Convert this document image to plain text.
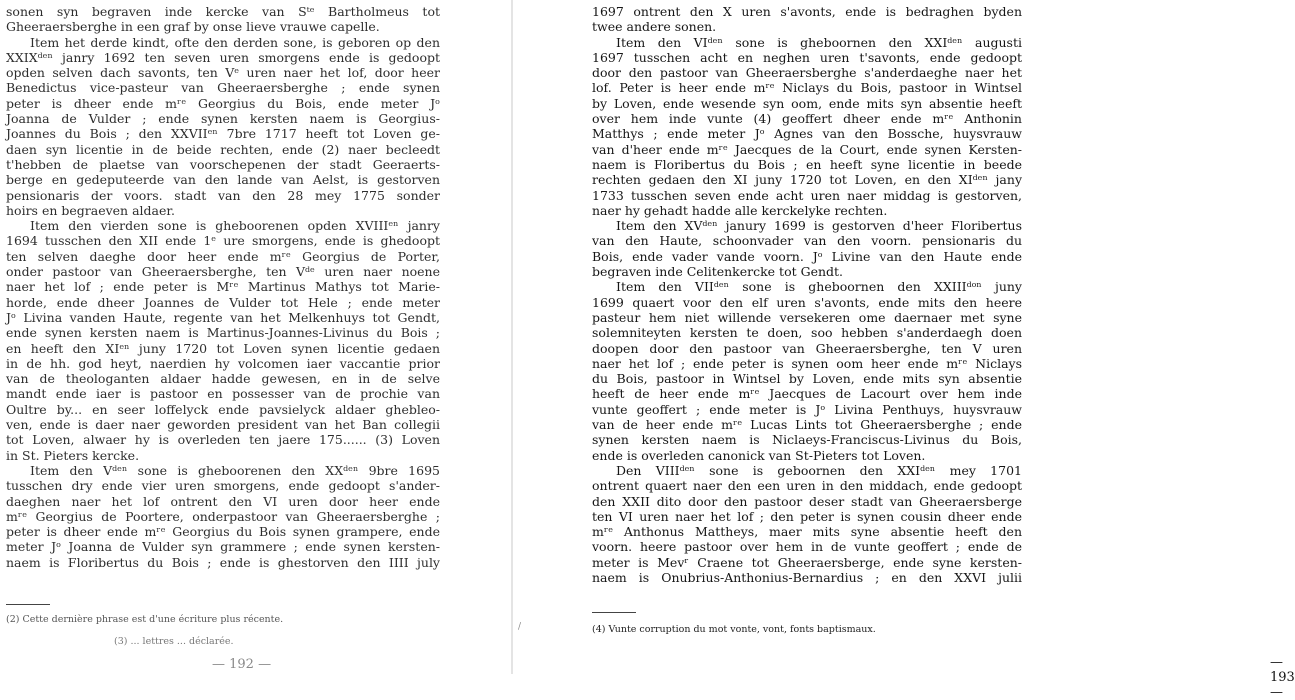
sonen syn begraven inde kercke van Sᵗᵉ Bartholmeus tot
Gheeraersberghe in een graf by onse lieve vrauwe capelle.
Item het derde kindt, ofte den derden sone, is geboren op den
XXIXᵈᵉⁿ janry 1692 ten seven uren smorgens ende is gedoopt
opden selven dach savonts, ten Vᵉ uren naer het lof, door heer
Benedictus vice-pasteur van Gheeraersberghe ; ende synen
peter is dheer ende mʳᵉ Georgius du Bois, ende meter Jᵒ
Joanna de Vulder ; ende synen kersten naem is Georgius-
Joannes du Bois ; den XXVIIᵉⁿ 7bre 1717 heeft tot Loven ge-
daen syn licentie in de beide rechten, ende (2) naer becleedt
t'hebben de plaetse van voorschepenen der stadt Geeraerts-
berge en gedeputeerde van den lande van Aelst, is gestorven
pensionaris der voors. stadt van den 28 mey 1775 sonder
hoirs en begraeven aldaer.
Item den vierden sone is gheboorenen opden XVIIIᵉⁿ janry
1694 tusschen den XII ende 1ᵉ ure smorgens, ende is ghedoopt
ten selven daeghe door heer ende mʳᵉ Georgius de Porter,
onder pastoor van Gheeraersberghe, ten Vᵈᵉ uren naer noene
naer het lof ; ende peter is Mʳᵉ Martinus Mathys tot Marie-
horde, ende dheer Joannes de Vulder tot Hele ; ende meter
Jᵒ Livina vanden Haute, regente van het Melkenhuys tot Gendt,
ende synen kersten naem is Martinus-Joannes-Livinus du Bois ;
en heeft den XIᵉⁿ juny 1720 tot Loven synen licentie gedaen
in de hh. god heyt, naerdien hy volcomen iaer vaccantie prior
van de theologanten aldaer hadde gewesen, en in de selve
mandt ende iaer is pastoor en possesser van de prochie van
Oultre by... en seer loffelyck ende pavsielyck aldaer ghebleo-
ven, ende is daer naer geworden president van het Ban collegii
tot Loven, alwaer hy is overleden ten jaere 175...... (3) Loven
in St. Pieters kercke.
Item den Vᵈᵉⁿ sone is gheboorenen den XXᵈᵉⁿ 9bre 1695
tusschen dry ende vier uren smorgens, ende gedoopt s'ander-
daeghen naer het lof ontrent den VI uren door heer ende
mʳᵉ Georgius de Poortere, onderpastoor van Gheeraersberghe ;
peter is dheer ende mʳᵉ Georgius du Bois synen grampere, ende
meter Jᵒ Joanna de Vulder syn grammere ; ende synen kersten-
naem is Floribertus du Bois ; ende is ghestorven den IIII july
(2) Cette dernière phrase est d'une écriture plus récente.
(3) ... lettres ... déclarée.
— 192 —
/
1697 ontrent den X uren s'avonts, ende is bedraghen byden
twee andere sonen.
Item den VIᵈᵉⁿ sone is gheboornen den XXIᵈᵉⁿ augusti
1697 tusschen acht en neghen uren t'savonts, ende gedoopt
door den pastoor van Gheeraersberghe s'anderdaeghe naer het
lof. Peter is heer ende mʳᵉ Niclays du Bois, pastoor in Wintsel
by Loven, ende wesende syn oom, ende mits syn absentie heeft
over hem inde vunte (4) geoffert dheer ende mʳᵉ Anthonin
Matthys ; ende meter Jᵒ Agnes van den Bossche, huysvrauw
van d'heer ende mʳᵉ Jaecques de la Court, ende synen Kersten-
naem is Floribertus du Bois ; en heeft syne licentie in beede
rechten gedaen den XI juny 1720 tot Loven, en den XIᵈᵉⁿ jany
1733 tusschen seven ende acht uren naer middag is gestorven,
naer hy gehadt hadde alle kerckelyke rechten.
Item den XVᵈᵉⁿ janury 1699 is gestorven d'heer Floribertus
van den Haute, schoonvader van den voorn. pensionaris du
Bois, ende vader vande voorn. Jᵒ Livine van den Haute ende
begraven inde Celitenkercke tot Gendt.
Item den VIIᵈᵉⁿ sone is gheboornen den XXIIIᵈᵒⁿ juny
1699 quaert voor den elf uren s'avonts, ende mits den heere
pasteur hem niet willende versekeren ome daernaer met syne
solemniteyten kersten te doen, soo hebben s'anderdaegh doen
doopen door den pastoor van Gheeraersberghe, ten V uren
naer het lof ; ende peter is synen oom heer ende mʳᵉ Niclays
du Bois, pastoor in Wintsel by Loven, ende mits syn absentie
heeft de heer ende mʳᵉ Jaecques de Lacourt over hem inde
vunte geoffert ; ende meter is Jᵒ Livina Penthuys, huysvrauw
van de heer ende mʳᵉ Lucas Lints tot Gheeraersberghe ; ende
synen kersten naem is Niclaeys-Franciscus-Livinus du Bois,
ende is overleden canonick van St-Pieters tot Loven.
Den VIIIᵈᵉⁿ sone is geboornen den XXIᵈᵉⁿ mey 1701
ontrent quaert naer den een uren in den middach, ende gedoopt
den XXII dito door den pastoor deser stadt van Gheeraersberge
ten VI uren naer het lof ; den peter is synen cousin dheer ende
mʳᵉ Anthonus Mattheys, maer mits syne absentie heeft den
voorn. heere pastoor over hem in de vunte geoffert ; ende de
meter is Mevʳ Craene tot Gheeraersberge, ende syne kersten-
naem is Onubrius-Anthonius-Bernardius ; en den XXVI julii
(4) Vunte corruption du mot vonte, vont, fonts baptismaux.
— 193 —
